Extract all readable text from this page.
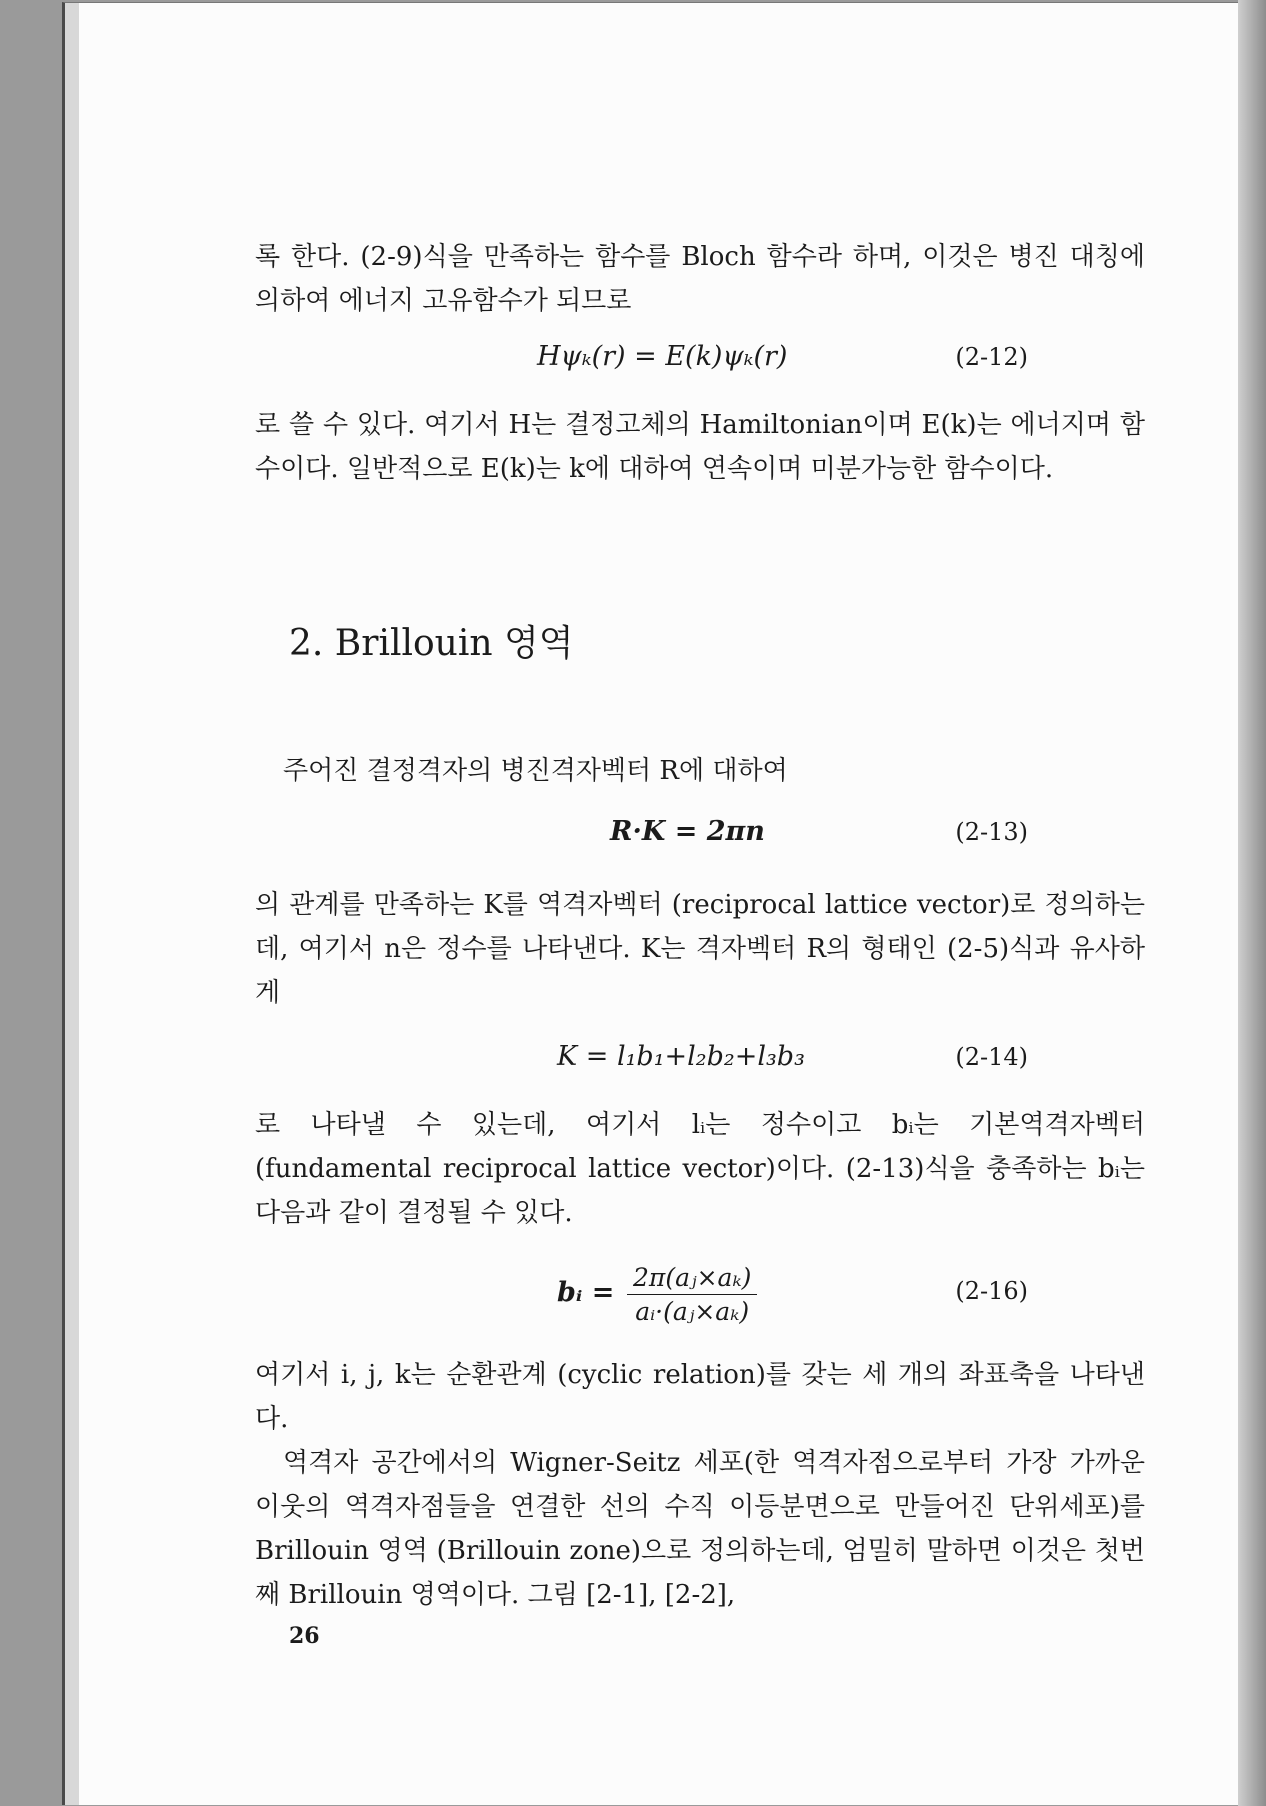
록 한다. (2-9)식을 만족하는 함수를 Bloch 함수라 하며, 이것은 병진 대칭에 의하여 에너지 고유함수가 되므로

Hψₖ(r) = E(k)ψₖ(r)	(2-12)

로 쓸 수 있다. 여기서 H는 결정고체의 Hamiltonian이며 E(k)는 에너지며 함수이다. 일반적으로 E(k)는 k에 대하여 연속이며 미분가능한 함수이다.

2. Brillouin 영역

주어진 결정격자의 병진격자벡터 R에 대하여

R·K = 2πn	(2-13)

의 관계를 만족하는 K를 역격자벡터 (reciprocal lattice vector)로 정의하는데, 여기서 n은 정수를 나타낸다. K는 격자벡터 R의 형태인 (2-5)식과 유사하게

K = l₁b₁+l₂b₂+l₃b₃	(2-14)

로 나타낼 수 있는데, 여기서 lᵢ는 정수이고 bᵢ는 기본역격자벡터 (fundamental reciprocal lattice vector)이다. (2-13)식을 충족하는 bᵢ는 다음과 같이 결정될 수 있다.

bᵢ = $\frac{\text{2π(aⱼ×aₖ)}}{\text{aᵢ·(aⱼ×aₖ)}}$	(2-16)

여기서 i, j, k는 순환관계 (cyclic relation)를 갖는 세 개의 좌표축을 나타낸다.

역격자 공간에서의 Wigner-Seitz 세포(한 역격자점으로부터 가장 가까운 이웃의 역격자점들을 연결한 선의 수직 이등분면으로 만들어진 단위세포)를 Brillouin 영역 (Brillouin zone)으로 정의하는데, 엄밀히 말하면 이것은 첫번째 Brillouin 영역이다. 그림 [2-1], [2-2],

26
